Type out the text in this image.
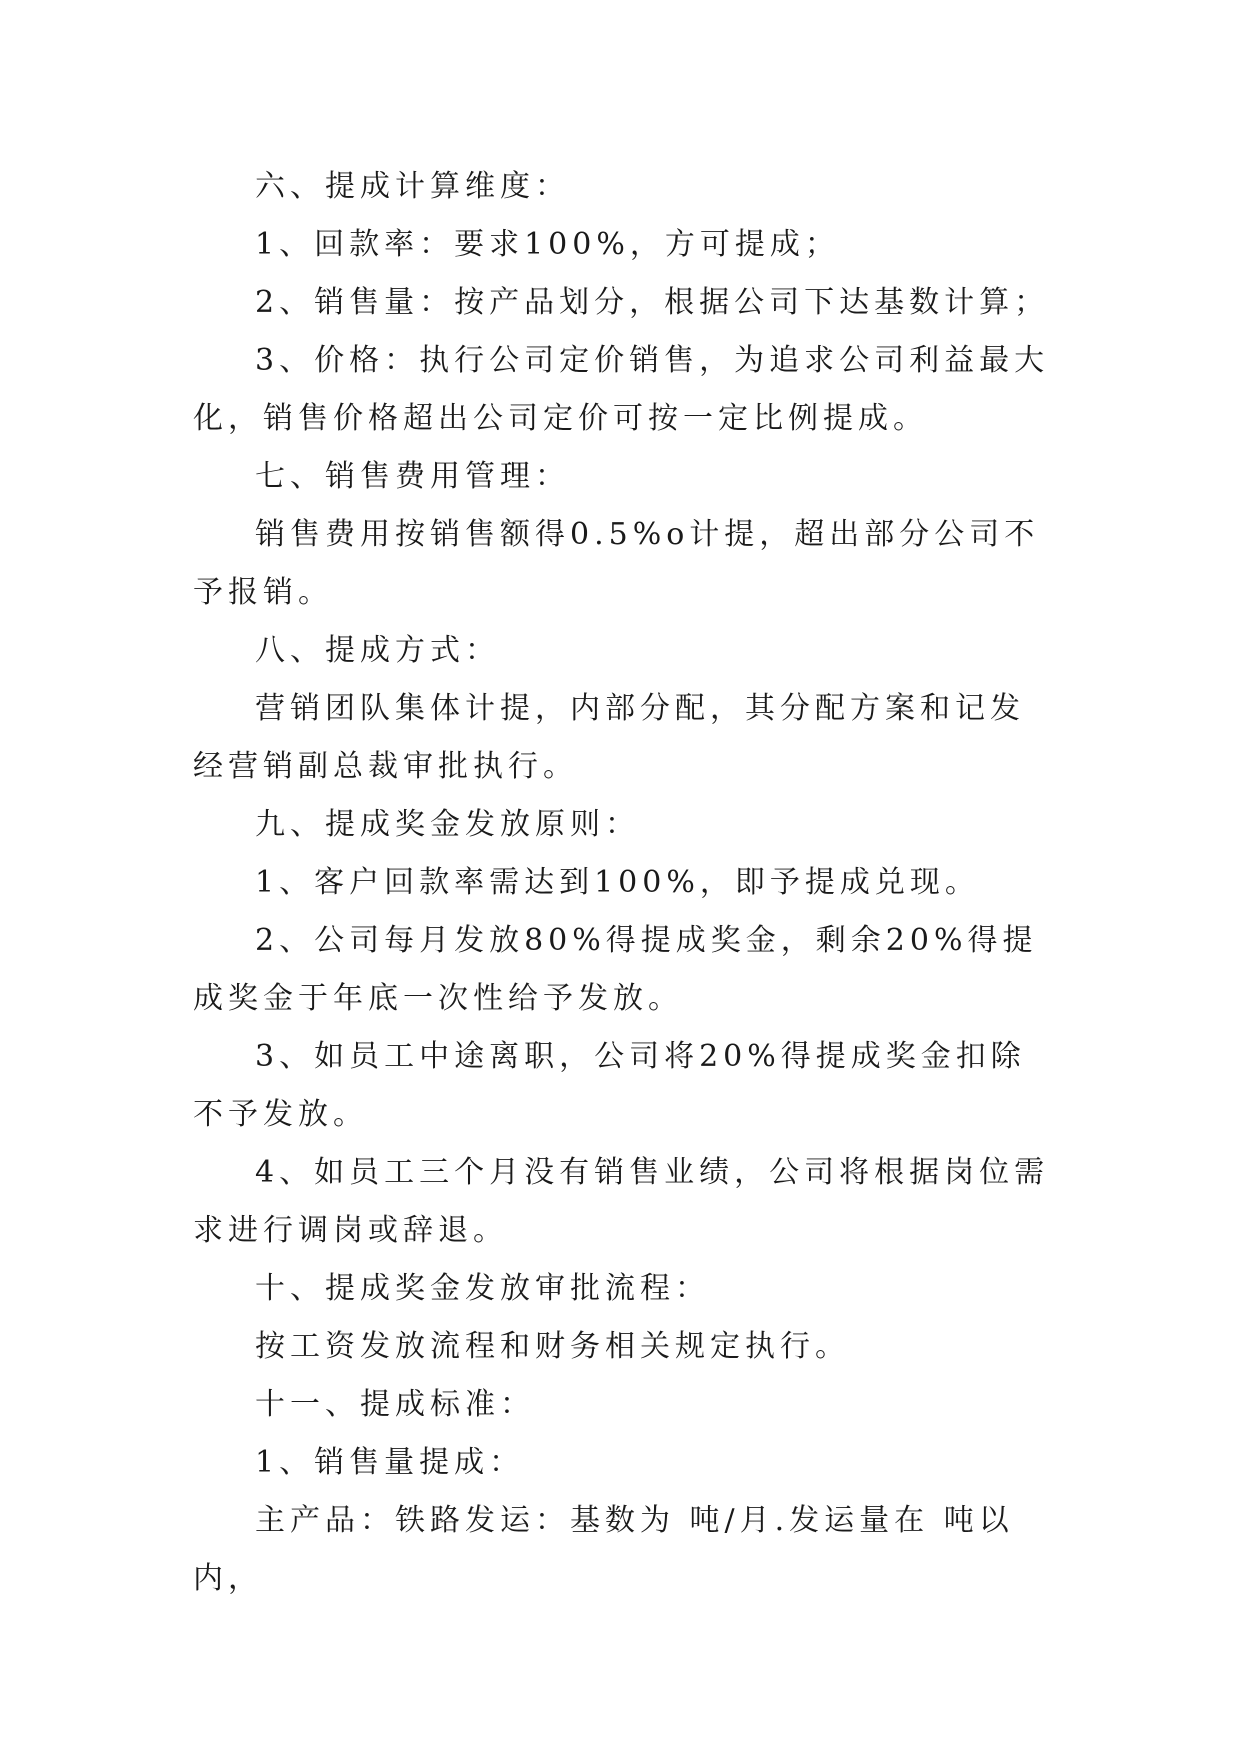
六、提成计算维度：

1、回款率：要求100%，方可提成；

2、销售量：按产品划分，根据公司下达基数计算；

3、价格：执行公司定价销售，为追求公司利益最大化，销售价格超出公司定价可按一定比例提成。

七、销售费用管理：

销售费用按销售额得0.5%o计提，超出部分公司不予报销。

八、提成方式：

营销团队集体计提，内部分配，其分配方案和记发经营销副总裁审批执行。

九、提成奖金发放原则：

1、客户回款率需达到100%，即予提成兑现。

2、公司每月发放80%得提成奖金，剩余20%得提成奖金于年底一次性给予发放。

3、如员工中途离职，公司将20%得提成奖金扣除不予发放。

4、如员工三个月没有销售业绩，公司将根据岗位需求进行调岗或辞退。

十、提成奖金发放审批流程：

按工资发放流程和财务相关规定执行。

十一、提成标准：

1、销售量提成：

主产品：铁路发运：基数为 吨/月.发运量在 吨以内，
